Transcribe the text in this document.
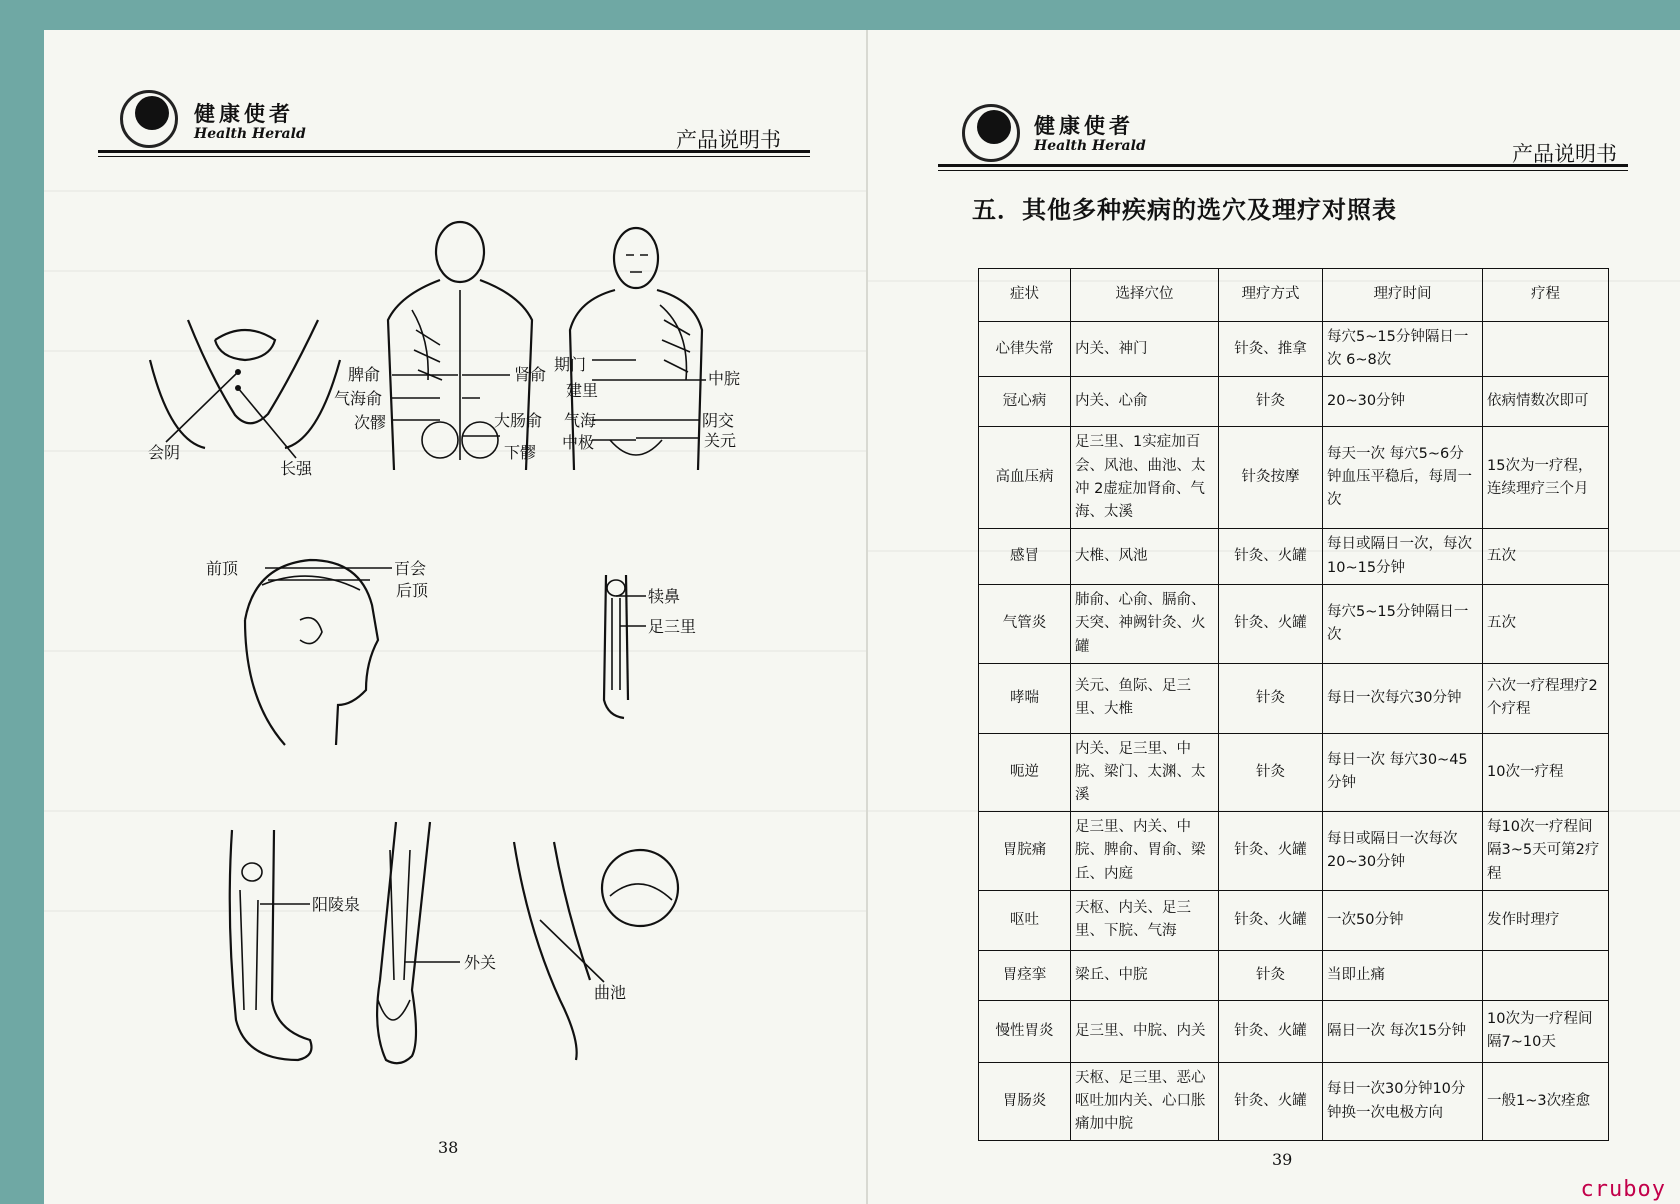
健康使者
Health Herald	产品说明书
健康使者
Health Herald	产品说明书
会阴
长强
脾俞
气海俞
次髎
肾俞
大肠俞
下髎
期门
建里
气海
中极
中脘
阴交
关元
前顶	百会
后顶	犊鼻
足三里
阳陵泉
外关
曲池
38
五．其他多种疾病的选穴及理疗对照表
症状	选择穴位	理疗方式	理疗时间	疗程
心律失常	内关、神门	针灸、推拿	每穴5~15分钟隔日一次 6~8次	
冠心病	内关、心俞	针灸	20~30分钟	依病情数次即可
高血压病	足三里、1实症加百会、风池、曲池、太冲 2虚症加肾俞、气海、太溪	针灸按摩	每天一次 每穴5~6分钟血压平稳后，每周一次	15次为一疗程，连续理疗三个月
感冒	大椎、风池	针灸、火罐	每日或隔日一次，每次10~15分钟	五次
气管炎	肺俞、心俞、膈俞、天突、神阙针灸、火罐	针灸、火罐	每穴5~15分钟隔日一次	五次
哮喘	关元、鱼际、足三里、大椎	针灸	每日一次每穴30分钟	六次一疗程理疗2个疗程
呃逆	内关、足三里、中脘、梁门、太渊、太溪	针灸	每日一次 每穴30~45分钟	10次一疗程
胃脘痛	足三里、内关、中脘、脾俞、胃俞、梁丘、内庭	针灸、火罐	每日或隔日一次每次20~30分钟	每10次一疗程间隔3~5天可第2疗程
呕吐	天枢、内关、足三里、下脘、气海	针灸、火罐	一次50分钟	发作时理疗
胃痉挛	梁丘、中脘	针灸	当即止痛	
慢性胃炎	足三里、中脘、内关	针灸、火罐	隔日一次 每次15分钟	10次为一疗程间隔7~10天
胃肠炎	天枢、足三里、恶心呕吐加内关、心口胀痛加中脘	针灸、火罐	每日一次30分钟10分钟换一次电极方向	一般1~3次痊愈
39
cruboy
